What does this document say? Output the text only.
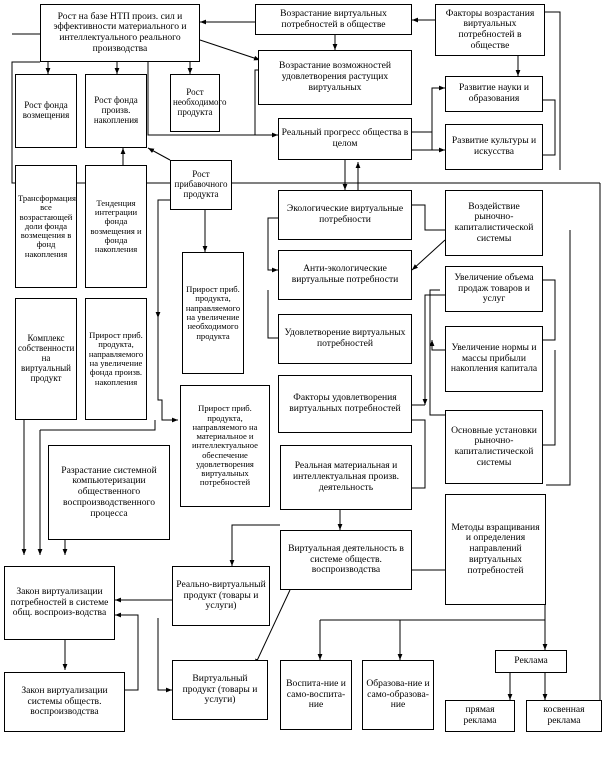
Рост на базе НТП произ. сил и эффективности материального и интеллектуального реального производства
Возрастание виртуальных потребностей в обществе
Факторы возрастания виртуальных потребностей в обществе
Рост фонда возмещения
Рост фонда произв. накопления
Рост необходимого продукта
Возрастание возможностей удовлетворения растущих виртуальных	Развитие науки и образования
Реальный прогресс общества в целом	Развитие культуры и искусства
Рост прибавочного продукта
Трансформация все возрастающей доли фонда возмещения в фонд накопления
Тенденция интеграции фонда возмещения и фонда накопления
Экологические виртуальные потребности
Воздействие рыночно-капиталистической системы
Анти-экологические виртуальные потребности	Увеличение объема продаж товаров и услуг
Прирост приб. продукта, направляемого на увеличение необходимого продукта	Удовлетворение виртуальных потребностей	Увеличение нормы и массы прибыли накопления капитала
Комплекс собственности на виртуальный продукт
Прирост приб. продукта, направляемого на увеличение фонда произв. накопления
Факторы удовлетворения виртуальных потребностей
Прирост приб. продукта, направляемого на материальное и интеллектуальное обеспечение удовлетворения виртуальных потребностей
Основные установки рыночно-капиталистической системы
Разрастание системной компьютеризации общественного воспроизводственного процесса
Реальная материальная и интеллектуальная произв. деятельность
Методы взращивания и определения направлений виртуальных потребностей
Виртуальная деятельность в системе обществ. воспроизводства
Закон виртуализации потребностей в системе общ. воспроиз-водства
Реально-виртуальный продукт (товары и услуги)
Реклама
Закон виртуализации системы обществ. воспроизводства
Виртуальный продукт (товары и услуги)
Воспита-ние и само-воспита-ние
Образова-ние и само-образова-ние	прямая реклама
косвенная реклама
